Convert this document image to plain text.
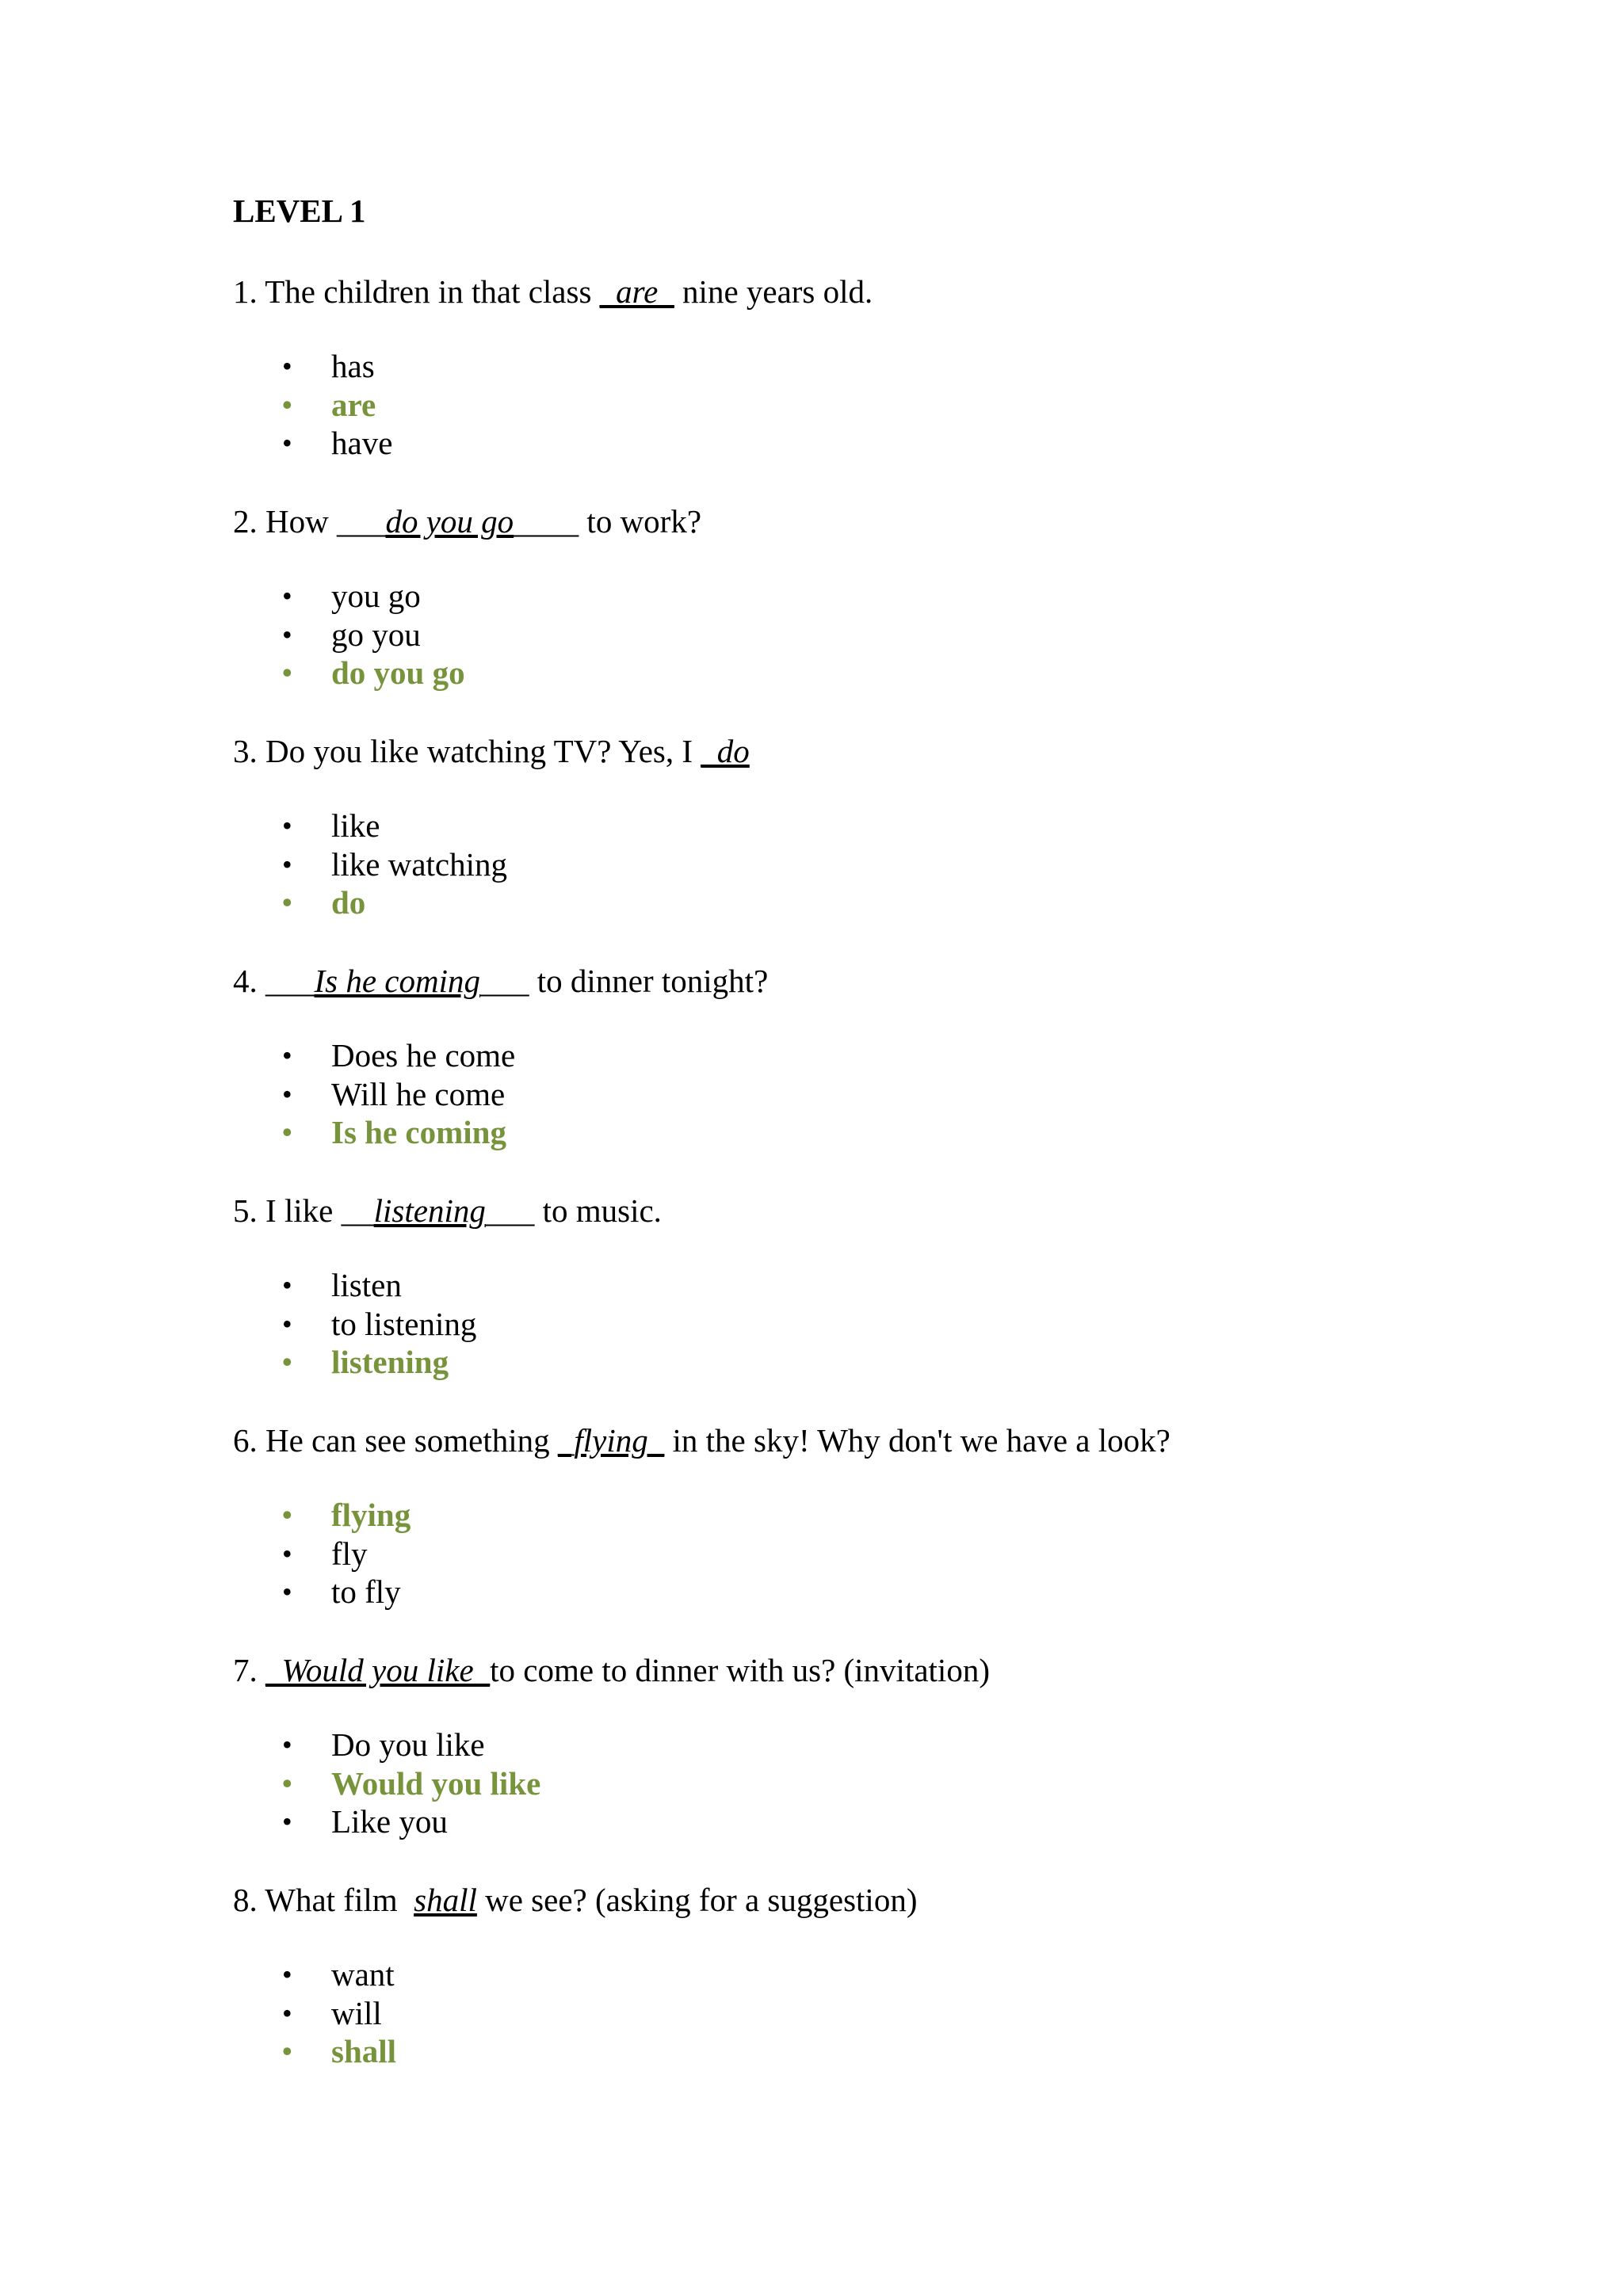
LEVEL 1

1. The children in that class _are_ nine years old.

• has
• are
• have

2. How ___do you go____ to work?

• you go
• go you
• do you go

3. Do you like watching TV? Yes, I _do

• like
• like watching
• do

4. ___Is he coming___ to dinner tonight?

• Does he come
• Will he come
• Is he coming

5. I like __listening___ to music.

• listen
• to listening
• listening

6. He can see something _flying_ in the sky! Why don't we have a look?

• flying
• fly
• to fly

7. _Would you like_to come to dinner with us? (invitation)

• Do you like
• Would you like
• Like you

8. What film  shall we see? (asking for a suggestion)

• want
• will
• shall
